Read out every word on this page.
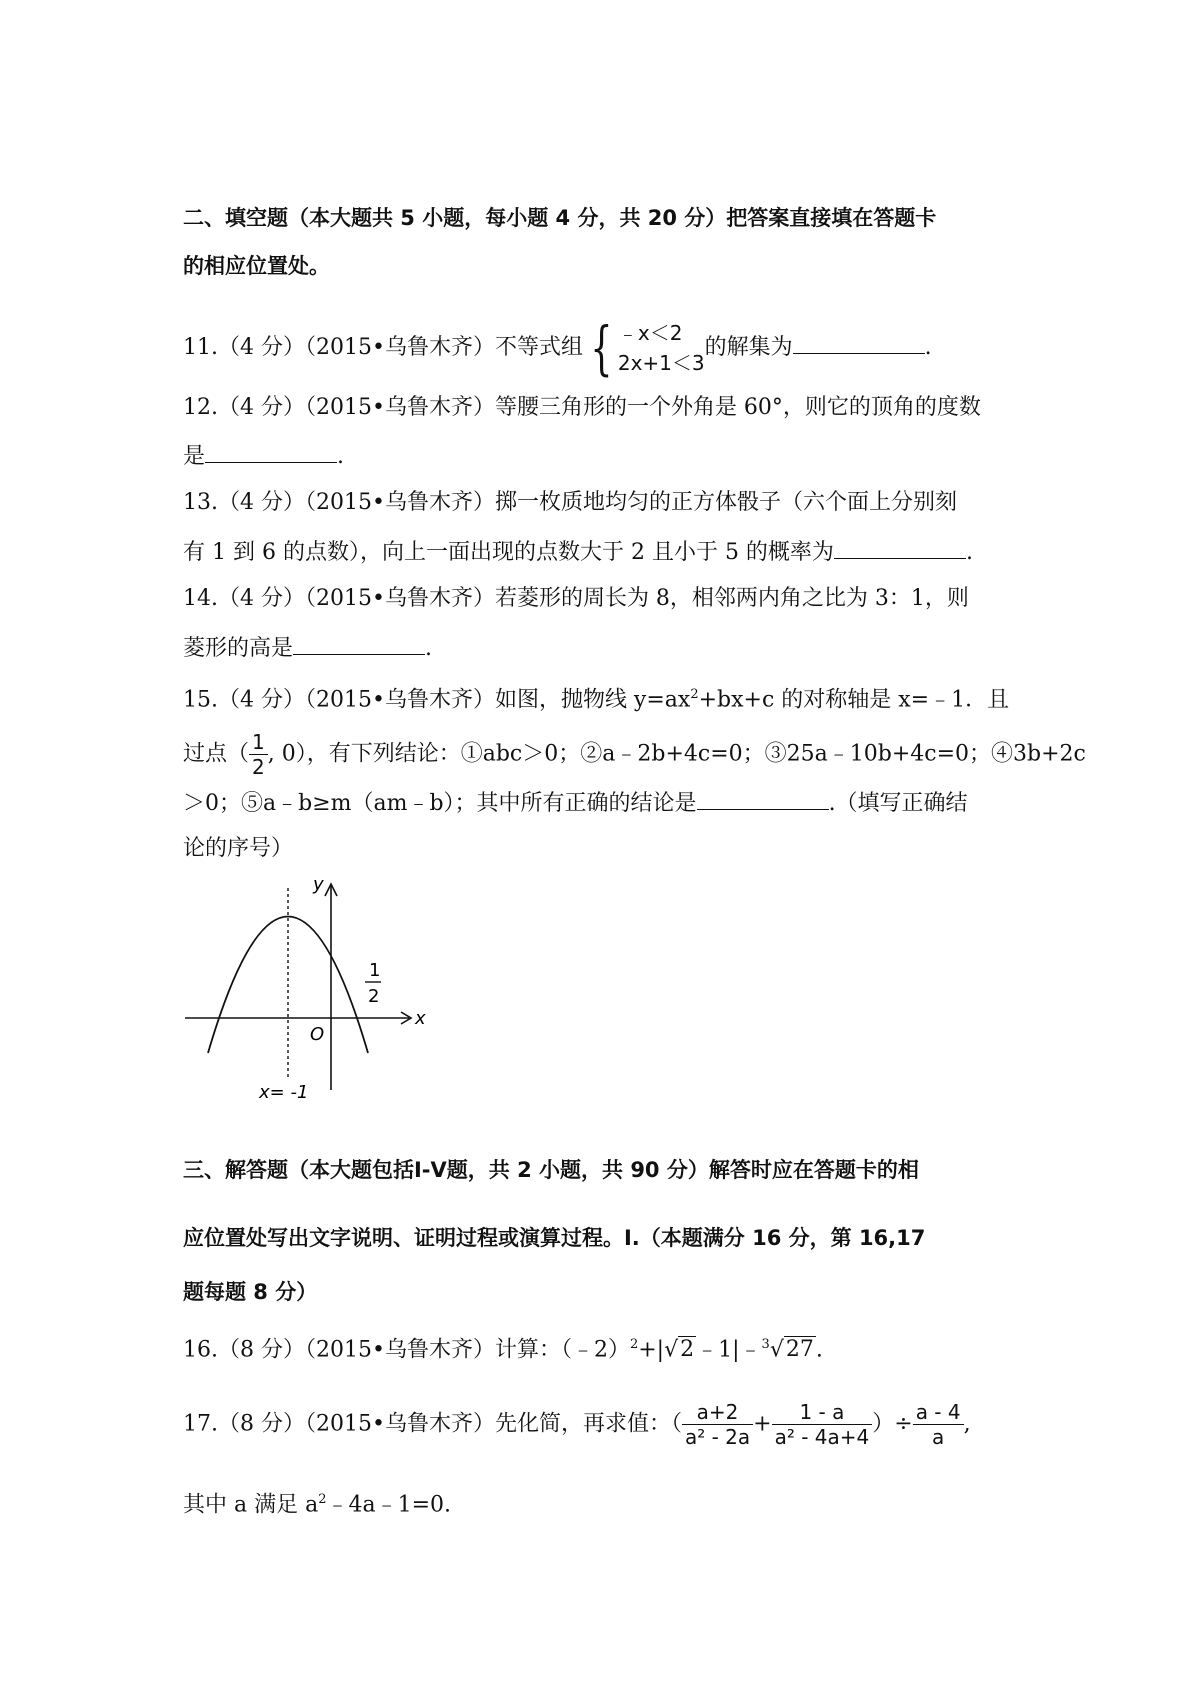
二、填空题（本大题共 5 小题，每小题 4 分，共 20 分）把答案直接填在答题卡
的相应位置处。
11.（4 分）（2015•乌鲁木齐）不等式组 { ﹣x＜2
2x+1＜3
的解集为	.
12.（4 分）（2015•乌鲁木齐）等腰三角形的一个外角是 60°，则它的顶角的度数
是	.
13.（4 分）（2015•乌鲁木齐）掷一枚质地均匀的正方体骰子（六个面上分别刻
有 1 到 6 的点数），向上一面出现的点数大于 2 且小于 5 的概率为	.
14.（4 分）（2015•乌鲁木齐）若菱形的周长为 8，相邻两内角之比为 3：1，则
菱形的高是	.
15.（4 分）（2015•乌鲁木齐）如图，抛物线 $y=ax^2+bx+c$ 的对称轴是 x=﹣1．且
过点（ $\frac{1}{2}$ , 0），有下列结论：①abc＞0；②a﹣2b+4c=0；③25a﹣10b+4c=0；④3b+2c
＞0；⑤a﹣b≥m（am﹣b）；其中所有正确的结论是	.（填写正确结
论的序号）
y
x
O
1
2
x= -1
三、解答题（本大题包括Ⅰ-Ⅴ题，共 2 小题，共 90 分）解答时应在答题卡的相
应位置处写出文字说明、证明过程或演算过程。Ⅰ.（本题满分 16 分，第 16,17
题每题 8 分）
16.（8 分）（2015•乌鲁木齐）计算：（﹣2）$^2$+|√2﹣1|﹣$^3$√27.
17.（8 分）（2015•乌鲁木齐）先化简，再求值：（ $\frac{a+2}{\text{a² - 2a}} + \frac{1 - a}{\text{a² - 4a+4}}$ ）÷ $\frac{a - 4}{a}$ ,
其中 a 满足 $a^2﹣4a﹣1=0$.
